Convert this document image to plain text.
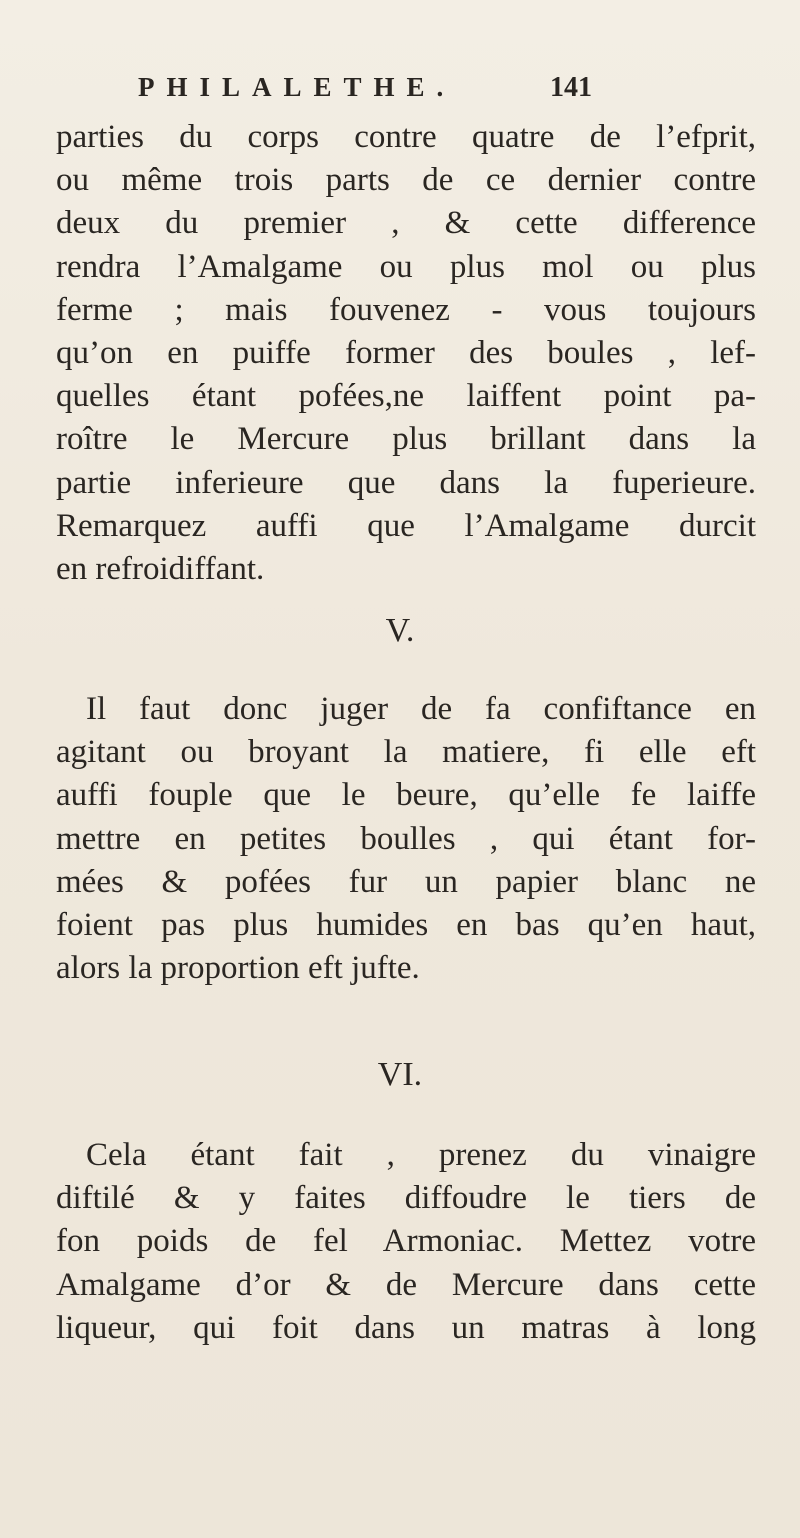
PHILALETHE.	141
parties du corps contre quatre de l’efprit,
ou même trois parts de ce dernier contre
deux du premier , & cette difference
rendra l’Amalgame ou plus mol ou plus
ferme ; mais fouvenez - vous toujours
qu’on en puiffe former des boules , lef-
quelles étant pofées,ne laiffent point pa-
roître le Mercure plus brillant dans la
partie inferieure que dans la fuperieure.
Remarquez auffi que l’Amalgame durcit
en refroidiffant.
V.
Il faut donc juger de fa confiftance en
agitant ou broyant la matiere, fi elle eft
auffi fouple que le beure, qu’elle fe laiffe
mettre en petites boulles , qui étant for-
mées & pofées fur un papier blanc ne
foient pas plus humides en bas qu’en haut,
alors la proportion eft jufte.
VI.
Cela étant fait , prenez du vinaigre
diftilé & y faites diffoudre le tiers de
fon poids de fel Armoniac. Mettez votre
Amalgame d’or & de Mercure dans cette
liqueur, qui foit dans un matras à long
